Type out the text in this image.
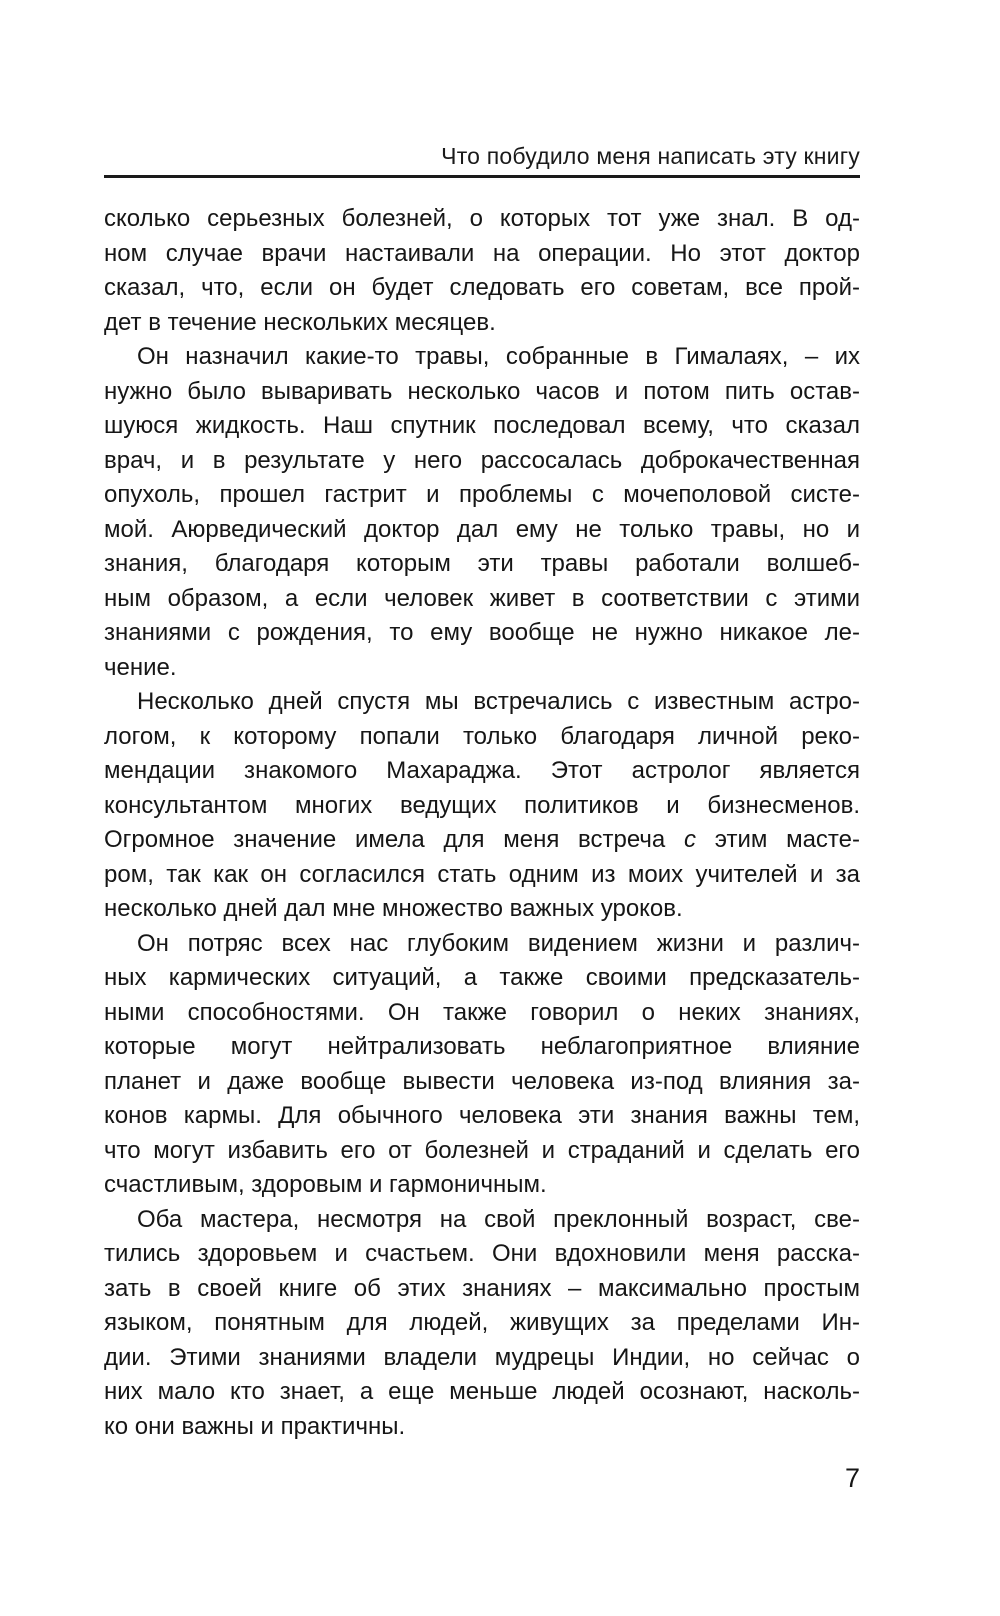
Что побудило меня написать эту книгу

сколько серьезных болезней, о которых тот уже знал. В од-
ном случае врачи настаивали на операции. Но этот доктор
сказал, что, если он будет следовать его советам, все прой-
дет в течение нескольких месяцев.

Он назначил какие-то травы, собранные в Гималаях, – их
нужно было вываривать несколько часов и потом пить остав-
шуюся жидкость. Наш спутник последовал всему, что сказал
врач, и в результате у него рассосалась доброкачественная
опухоль, прошел гастрит и проблемы с мочеполовой систе-
мой. Аюрведический доктор дал ему не только травы, но и
знания, благодаря которым эти травы работали волшеб-
ным образом, а если человек живет в соответствии с этими
знаниями с рождения, то ему вообще не нужно никакое ле-
чение.

Несколько дней спустя мы встречались с известным астро-
логом, к которому попали только благодаря личной реко-
мендации знакомого Махараджа. Этот астролог является
консультантом многих ведущих политиков и бизнесменов.
Огромное значение имела для меня встреча с этим масте-
ром, так как он согласился стать одним из моих учителей и за
несколько дней дал мне множество важных уроков.

Он потряс всех нас глубоким видением жизни и различ-
ных кармических ситуаций, а также своими предсказатель-
ными способностями. Он также говорил о неких знаниях,
которые могут нейтрализовать неблагоприятное влияние
планет и даже вообще вывести человека из-под влияния за-
конов кармы. Для обычного человека эти знания важны тем,
что могут избавить его от болезней и страданий и сделать его
счастливым, здоровым и гармоничным.

Оба мастера, несмотря на свой преклонный возраст, све-
тились здоровьем и счастьем. Они вдохновили меня расска-
зать в своей книге об этих знаниях – максимально простым
языком, понятным для людей, живущих за пределами Ин-
дии. Этими знаниями владели мудрецы Индии, но сейчас о
них мало кто знает, а еще меньше людей осознают, насколь-
ко они важны и практичны.

7
